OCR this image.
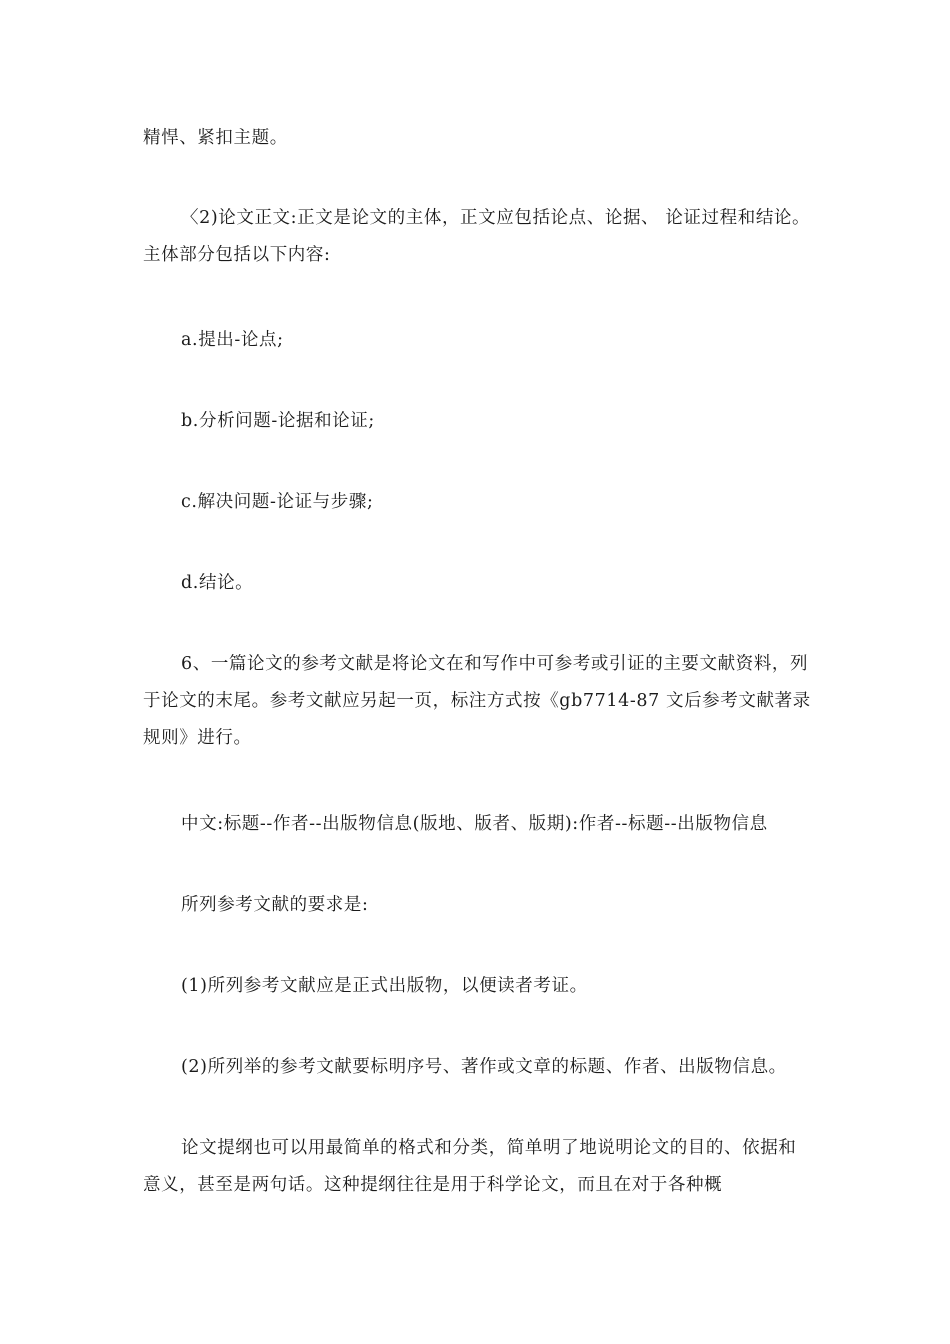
精悍、紧扣主题。

〈2)论文正文:正文是论文的主体，正文应包括论点、论据、 论证过程和结论。主体部分包括以下内容:

a.提出-论点;

b.分析问题-论据和论证;

c.解决问题-论证与步骤;

d.结论。

6、一篇论文的参考文献是将论文在和写作中可参考或引证的主要文献资料，列于论文的末尾。参考文献应另起一页，标注方式按《gb7714-87 文后参考文献著录规则》进行。

中文:标题--作者--出版物信息(版地、版者、版期):作者--标题--出版物信息

所列参考文献的要求是:

(1)所列参考文献应是正式出版物，以便读者考证。

(2)所列举的参考文献要标明序号、著作或文章的标题、作者、出版物信息。

论文提纲也可以用最简单的格式和分类，简单明了地说明论文的目的、依据和意义，甚至是两句话。这种提纲往往是用于科学论文，而且在对于各种概
